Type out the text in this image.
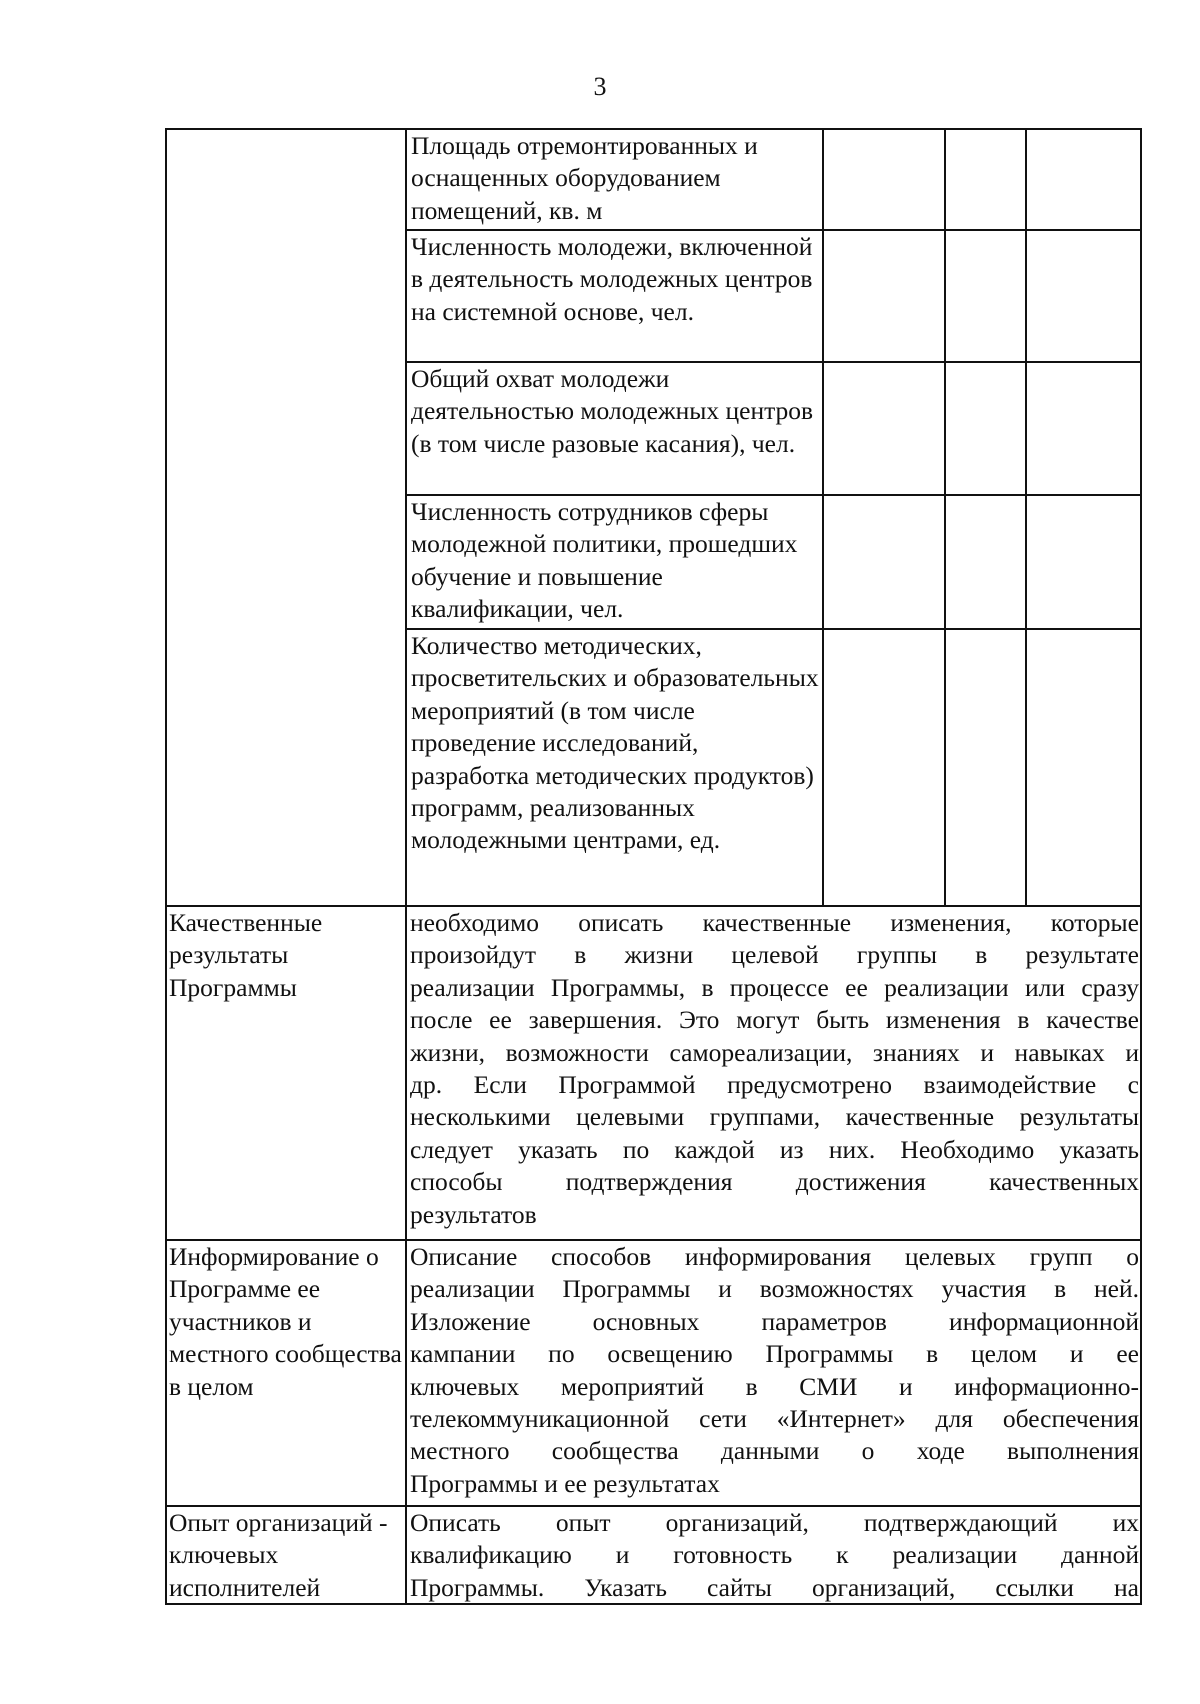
3
Площадь отремонтированных и оснащенных оборудованием помещений, кв. м
Численность молодежи, включенной в деятельность молодежных центров на системной основе, чел.
Общий охват молодежи деятельностью молодежных центров (в том числе разовые касания), чел.
Численность сотрудников сферы молодежной политики, прошедших обучение и повышение квалификации, чел.
Количество методических, просветительских и образовательных мероприятий (в том числе проведение исследований, разработка методических продуктов) программ, реализованных молодежными центрами, ед.
Качественные результаты Программы
необходимо описать качественные изменения, которые
произойдут в жизни целевой группы в результате
реализации Программы, в процессе ее реализации или сразу
после ее завершения. Это могут быть изменения в качестве
жизни, возможности самореализации, знаниях и навыках и
др. Если Программой предусмотрено взаимодействие с
несколькими целевыми группами, качественные результаты
следует указать по каждой из них. Необходимо указать
способы подтверждения достижения качественных
результатов
Информирование о Программе ее участников и местного сообщества в целом
Описание способов информирования целевых групп о
реализации Программы и возможностях участия в ней.
Изложение основных параметров информационной
кампании по освещению Программы в целом и ее
ключевых мероприятий в СМИ и информационно-
телекоммуникационной сети «Интернет» для обеспечения
местного сообщества данными о ходе выполнения
Программы и ее результатах
Опыт организаций - ключевых исполнителей
Описать опыт организаций, подтверждающий их
квалификацию и готовность к реализации данной
Программы. Указать сайты организаций, ссылки на
